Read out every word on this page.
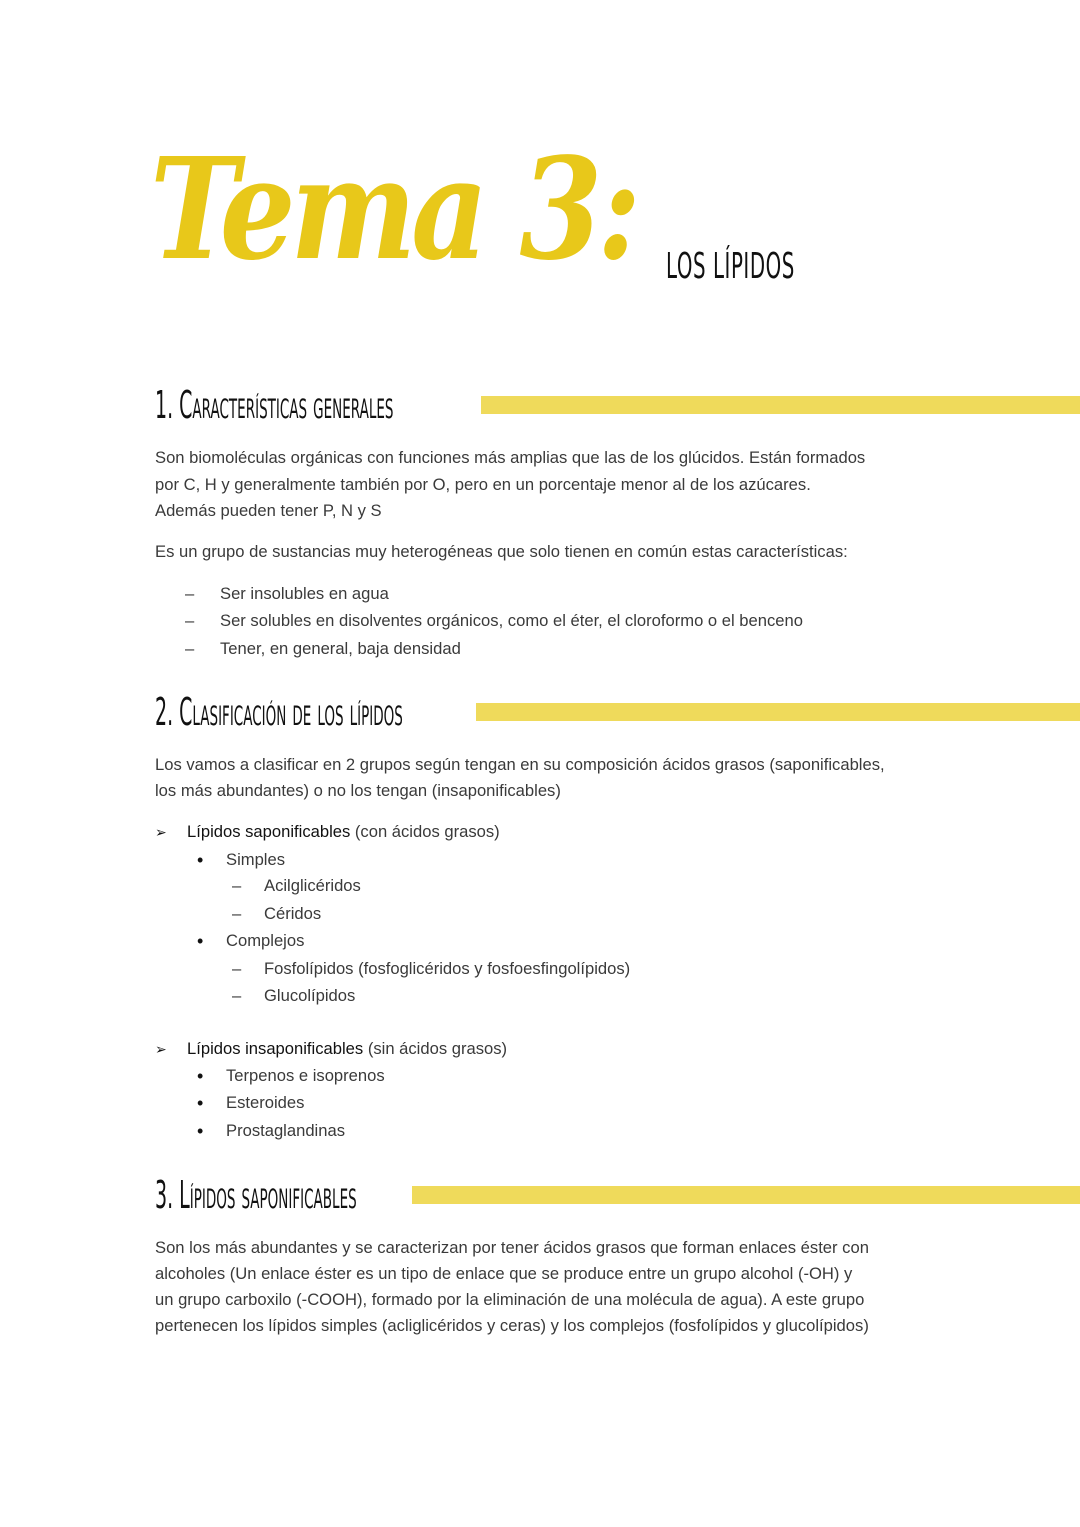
Tema 3: LOS LÍPIDOS
1. Características generales
Son biomoléculas orgánicas con funciones más amplias que las de los glúcidos. Están formados
por C, H y generalmente también por O, pero en un porcentaje menor al de los azúcares.
Además pueden tener P, N y S
Es un grupo de sustancias muy heterogéneas que solo tienen en común estas características:
– Ser insolubles en agua
– Ser solubles en disolventes orgánicos, como el éter, el cloroformo o el benceno
– Tener, en general, baja densidad
2. Clasificación de los lípidos
Los vamos a clasificar en 2 grupos según tengan en su composición ácidos grasos (saponificables,
los más abundantes) o no los tengan (insaponificables)
➢ Lípidos saponificables (con ácidos grasos)
• Simples
– Acilglicéridos
– Céridos
• Complejos
– Fosfolípidos (fosfoglicéridos y fosfoesfingolípidos)
– Glucolípidos
➢ Lípidos insaponificables (sin ácidos grasos)
• Terpenos e isoprenos
• Esteroides
• Prostaglandinas
3. Lípidos saponificables
Son los más abundantes y se caracterizan por tener ácidos grasos que forman enlaces éster con
alcoholes (Un enlace éster es un tipo de enlace que se produce entre un grupo alcohol (-OH) y
un grupo carboxilo (-COOH), formado por la eliminación de una molécula de agua). A este grupo
pertenecen los lípidos simples (acliglicéridos y ceras) y los complejos (fosfolípidos y glucolípidos)
